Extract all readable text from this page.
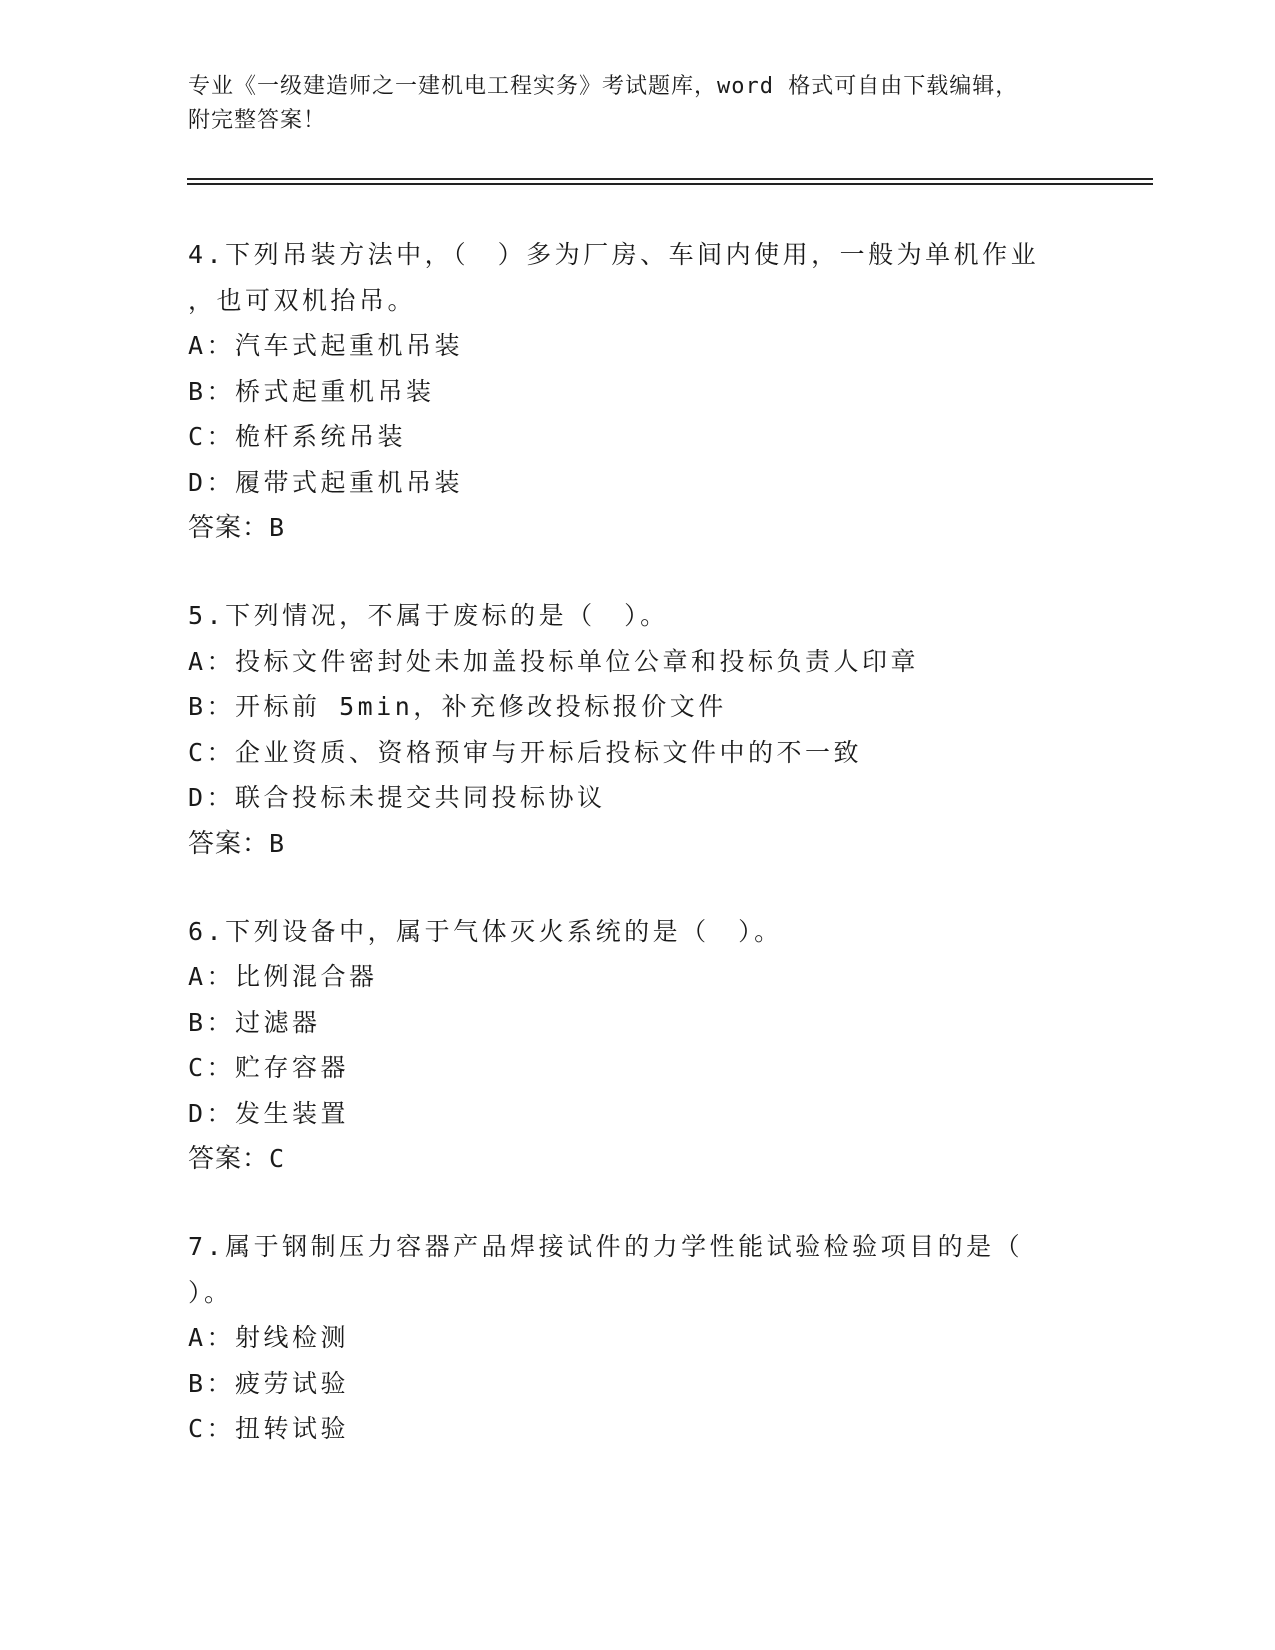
专业《一级建造师之一建机电工程实务》考试题库，word 格式可自由下载编辑，
附完整答案！
4.下列吊装方法中，（　）多为厂房、车间内使用，一般为单机作业
，也可双机抬吊。
A：汽车式起重机吊装
B：桥式起重机吊装
C：桅杆系统吊装
D：履带式起重机吊装
答案：B
5.下列情况，不属于废标的是（　）。
A：投标文件密封处未加盖投标单位公章和投标负责人印章
B：开标前 5min，补充修改投标报价文件
C：企业资质、资格预审与开标后投标文件中的不一致
D：联合投标未提交共同投标协议
答案：B
6.下列设备中，属于气体灭火系统的是（　）。
A：比例混合器
B：过滤器
C：贮存容器
D：发生装置
答案：C
7.属于钢制压力容器产品焊接试件的力学性能试验检验项目的是（
）。
A：射线检测
B：疲劳试验
C：扭转试验
